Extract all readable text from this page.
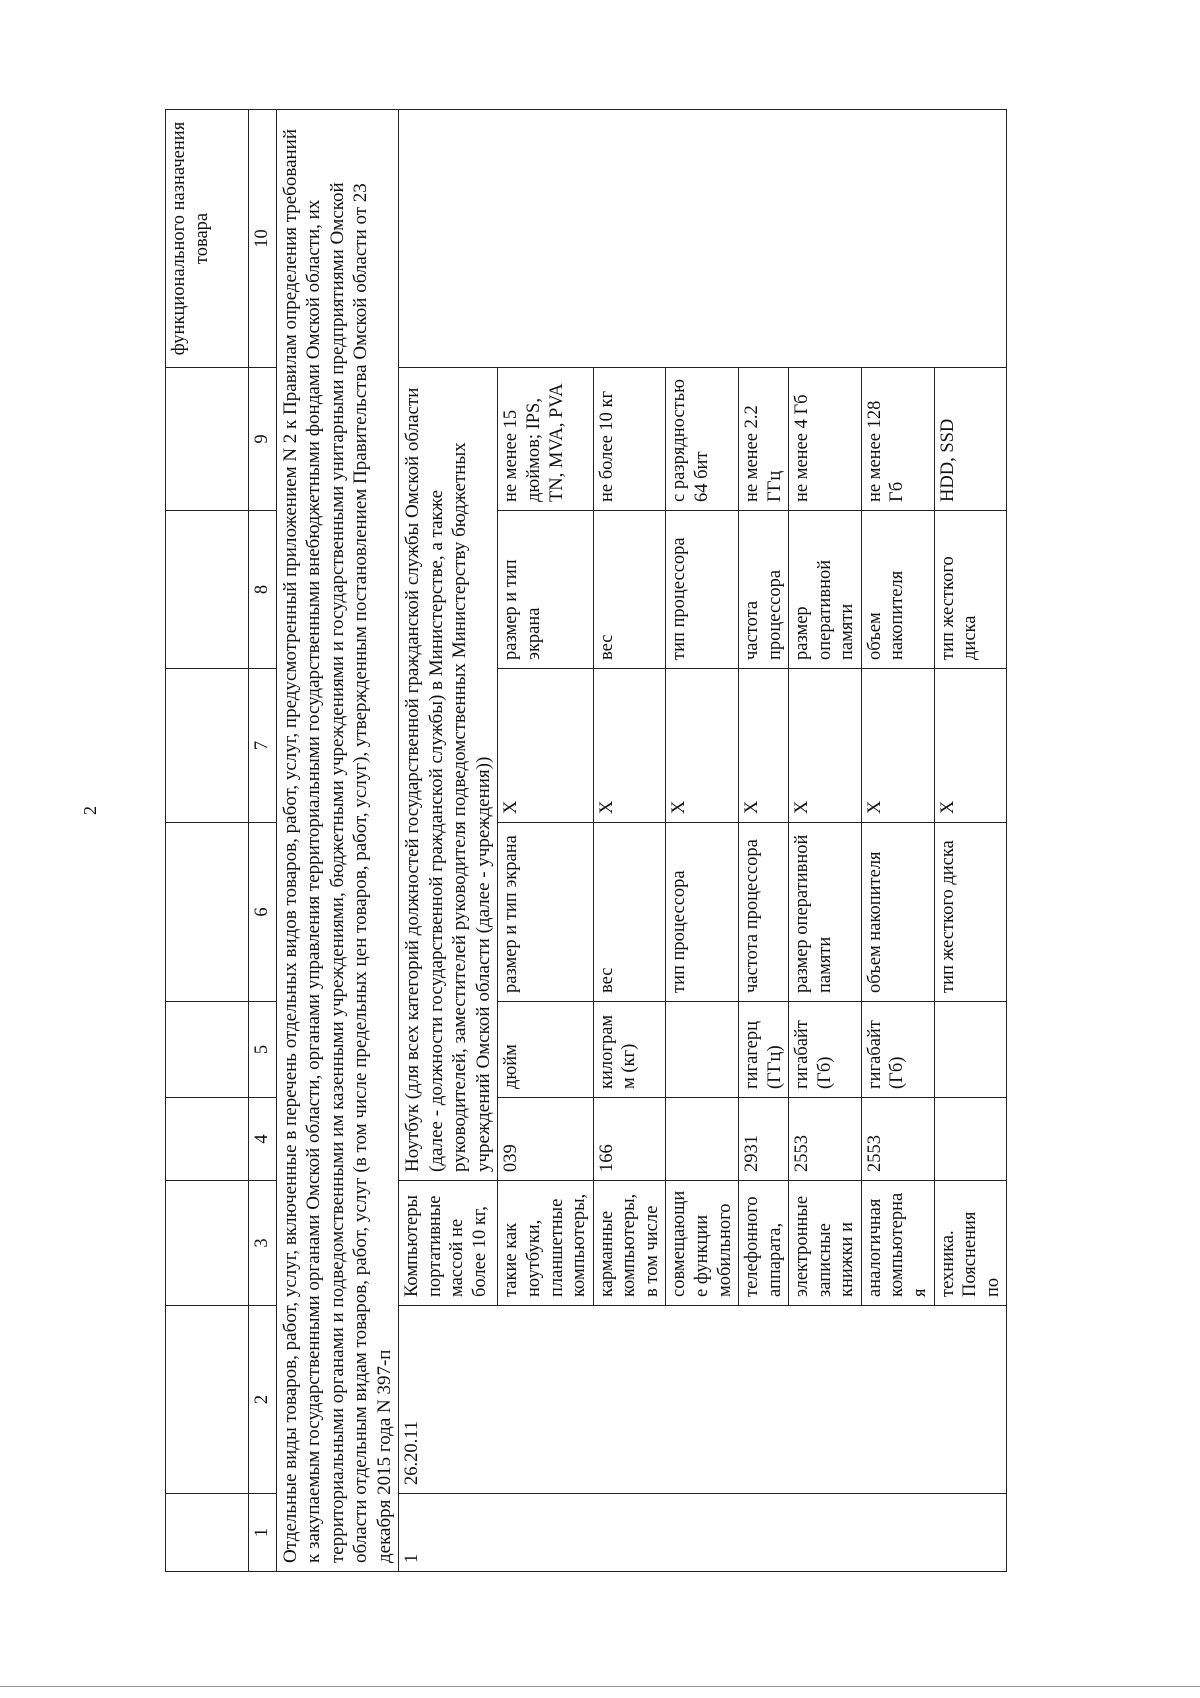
2
									функционального назначения товара
1	2	3	4	5	6	7	8	9	10
Отдельные виды товаров, работ, услуг, включенные в перечень отдельных видов товаров, работ, услуг, предусмотренный приложением N 2 к Правилам определения требований к закупаемым государственными органами Омской области, органами управления территориальными государственными внебюджетными фондами Омской области, их территориальными органами и подведомственными им казенными учреждениями, бюджетными учреждениями и государственными унитарными предприятиями Омской области отдельным видам товаров, работ, услуг (в том числе предельных цен товаров, работ, услуг), утвержденным постановлением Правительства Омской области от 23 декабря 2015 года N 397-п									
1	26.20.11	Компьютеры портативные массой не более 10 кг,	Ноутбук (для всех категорий должностей государственной гражданской службы Омской области (далее - должности государственной гражданской службы) в Министерстве, а также руководителей, заместителей руководителя подведомственных Министерству бюджетных учреждений Омской области (далее - учреждения))						
		такие как ноутбуки, планшетные компьютеры,	039	дюйм	размер и тип экрана	Х	размер и тип экрана	не менее 15 дюймов; IPS, TN, MVA, PVA	
		карманные компьютеры, в том числе	166	килограмм (кг)	вес	Х	вес	не более 10 кг	
		совмещающие функции мобильного			тип процессора	Х	тип процессора	с разрядностью 64 бит	
		телефонного аппарата,	2931	гигагерц (ГГц)	частота процессора	Х	частота процессора	не менее 2.2 ГГц	
		электронные записные книжки и	2553	гигабайт (Гб)	размер оперативной памяти	Х	размер оперативной памяти	не менее 4 Гб	
		аналогичная компьютерная	2553	гигабайт (Гб)	объем накопителя	Х	объем накопителя	не менее 128 Гб	
		техника. Пояснения по			тип жесткого диска	Х	тип жесткого диска	HDD, SSD	
